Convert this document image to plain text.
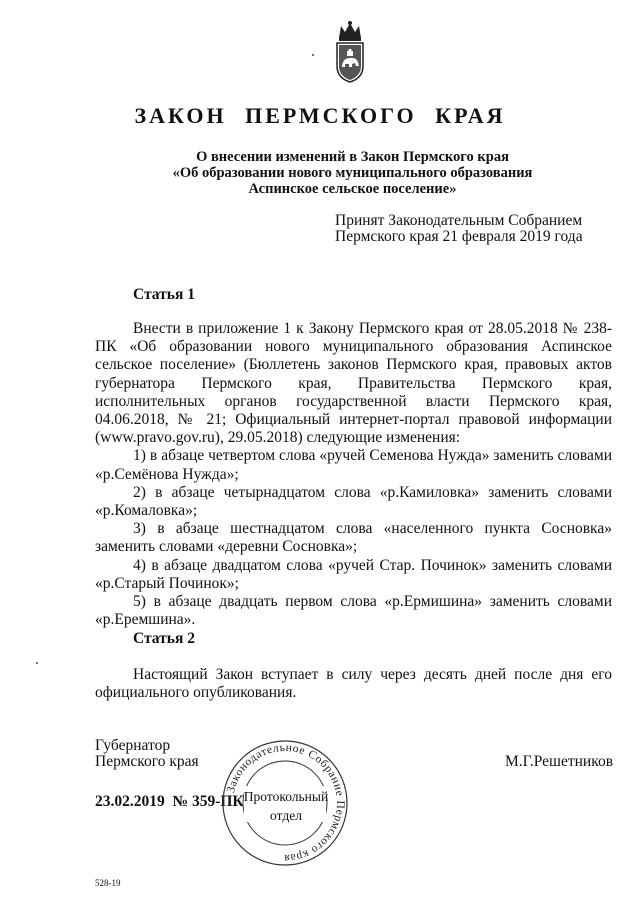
ЗАКОН ПЕРМСКОГО КРАЯ
О внесении изменений в Закон Пермского края
«Об образовании нового муниципального образования
Аспинское сельское поселение»
Принят Законодательным Собранием
Пермского края 21 февраля 2019 года
Статья 1

Внести в приложение 1 к Закону Пермского края от 28.05.2018 № 238-ПК «Об образовании нового муниципального образования Аспинское сельское поселение» (Бюллетень законов Пермского края, правовых актов губернатора Пермского края, Правительства Пермского края, исполнительных органов государственной власти Пермского края, 04.06.2018, № 21; Официальный интернет-портал правовой информации (www.pravo.gov.ru), 29.05.2018) следующие изменения:

1) в абзаце четвертом слова «ручей Семенова Нужда» заменить словами «р.Семёнова Нужда»;

2) в абзаце четырнадцатом слова «р.Камиловка» заменить словами «р.Комаловка»;

3) в абзаце шестнадцатом слова «населенного пункта Сосновка» заменить словами «деревни Сосновка»;

4) в абзаце двадцатом слова «ручей Стар. Починок» заменить словами «р.Старый Починок»;

5) в абзаце двадцать первом слова «р.Ермишина» заменить словами «р.Еремшина».

Статья 2

Настоящий Закон вступает в силу через десять дней после дня его официального опубликования.

Губернатор
Пермского края	М.Г.Решетников
23.02.2019  № 359-ПК
Законодательное Собрание Пермского края
Протокольный
отдел
528-19
